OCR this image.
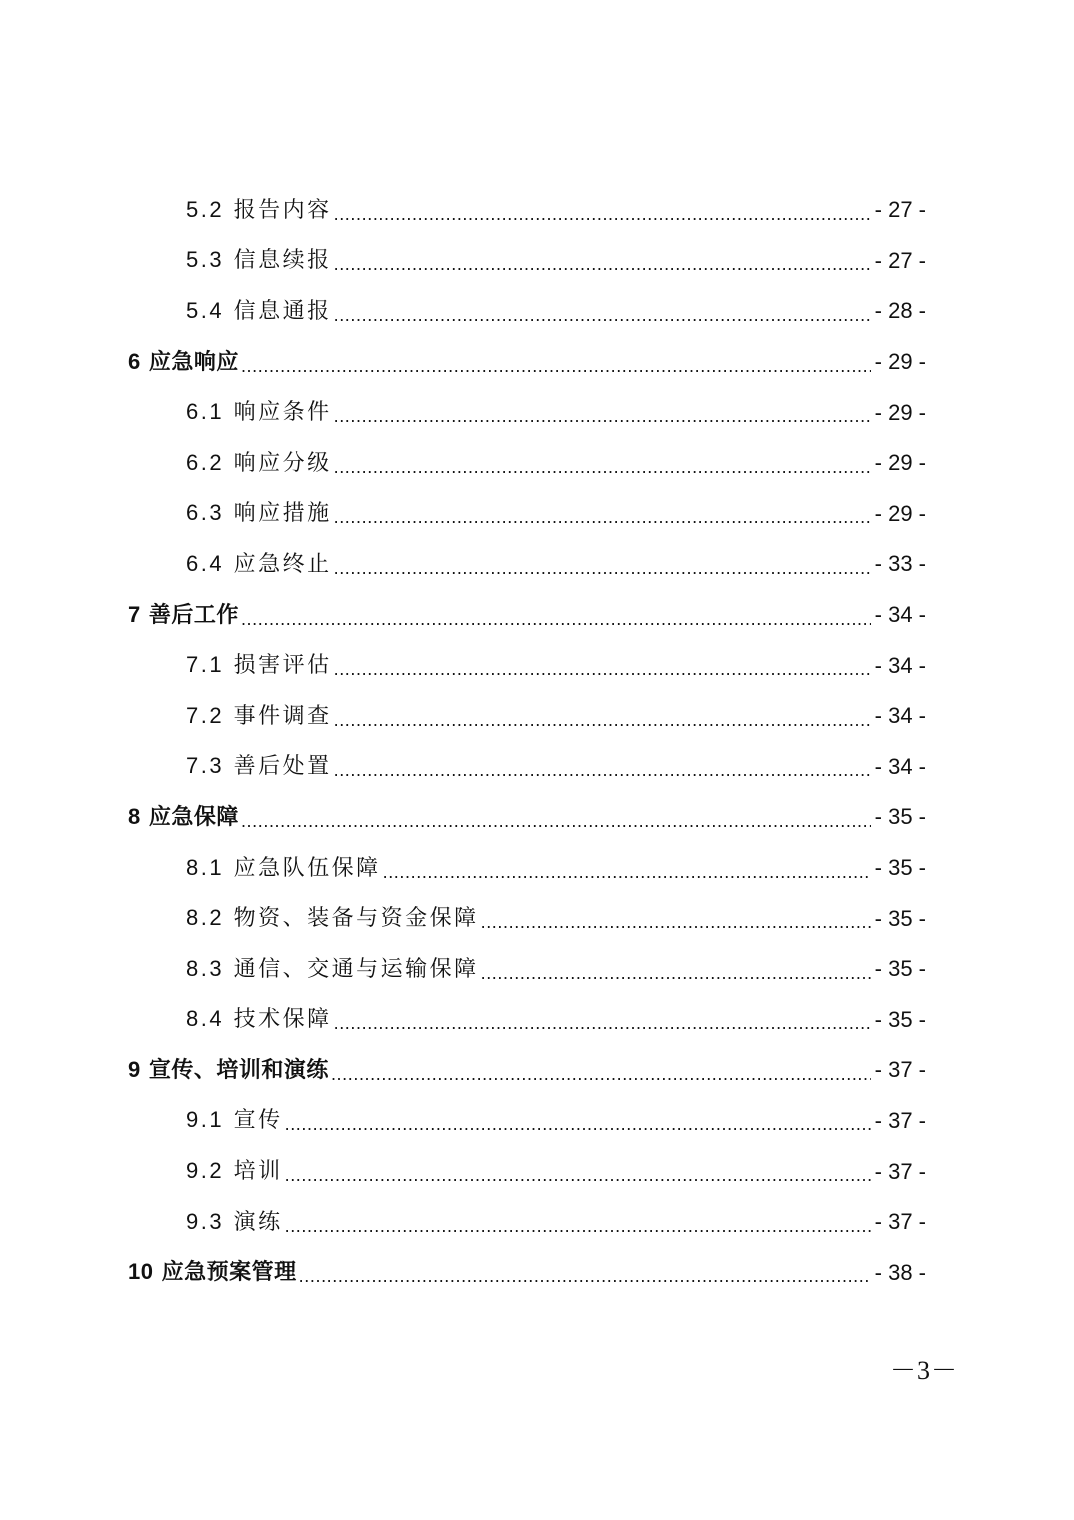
5.2 报告内容 .....	- 27 -
5.3 信息续报 .....	- 27 -
5.4 信息通报 .....	- 28 -
6 应急响应 .....	- 29 -
6.1 响应条件 .....	- 29 -
6.2 响应分级 .....	- 29 -
6.3 响应措施 .....	- 29 -
6.4 应急终止 .....	- 33 -
7 善后工作 .....	- 34 -
7.1 损害评估 .....	- 34 -
7.2 事件调查 .....	- 34 -
7.3 善后处置 .....	- 34 -
8 应急保障 .....	- 35 -
8.1 应急队伍保障 .....	- 35 -
8.2 物资、装备与资金保障 .....	- 35 -
8.3 通信、交通与运输保障 .....	- 35 -
8.4 技术保障 .....	- 35 -
9 宣传、培训和演练 .....	- 37 -
9.1 宣传 .....	- 37 -
9.2 培训 .....	- 37 -
9.3 演练 .....	- 37 -
10 应急预案管理 .....	- 38 -
－3－
